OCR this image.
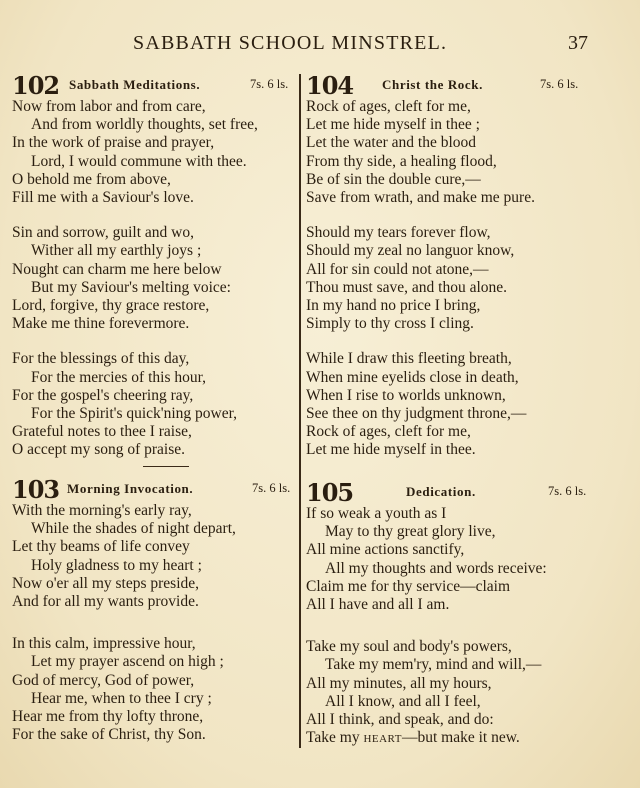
SABBATH SCHOOL MINSTREL.	37
102 Sabbath Meditations.	7s. 6 ls.
Now from labor and from care,
And from worldly thoughts, set free,
In the work of praise and prayer,
Lord, I would commune with thee.
O behold me from above,
Fill me with a Saviour's love.
Sin and sorrow, guilt and wo,
Wither all my earthly joys ;
Nought can charm me here below
But my Saviour's melting voice:
Lord, forgive, thy grace restore,
Make me thine forevermore.
For the blessings of this day,
For the mercies of this hour,
For the gospel's cheering ray,
For the Spirit's quick'ning power,
Grateful notes to thee I raise,
O accept my song of praise.
103 Morning Invocation.	7s. 6 ls.
With the morning's early ray,
While the shades of night depart,
Let thy beams of life convey
Holy gladness to my heart ;
Now o'er all my steps preside,
And for all my wants provide.
In this calm, impressive hour,
Let my prayer ascend on high ;
God of mercy, God of power,
Hear me, when to thee I cry ;
Hear me from thy lofty throne,
For the sake of Christ, thy Son.
104 Christ the Rock.	7s. 6 ls.
Rock of ages, cleft for me,
Let me hide myself in thee ;
Let the water and the blood
From thy side, a healing flood,
Be of sin the double cure,—
Save from wrath, and make me pure.
Should my tears forever flow,
Should my zeal no languor know,
All for sin could not atone,—
Thou must save, and thou alone.
In my hand no price I bring,
Simply to thy cross I cling.
While I draw this fleeting breath,
When mine eyelids close in death,
When I rise to worlds unknown,
See thee on thy judgment throne,—
Rock of ages, cleft for me,
Let me hide myself in thee.
105	Dedication.	7s. 6 ls.
If so weak a youth as I
May to thy great glory live,
All mine actions sanctify,
All my thoughts and words receive:
Claim me for thy service—claim
All I have and all I am.
Take my soul and body's powers,
Take my mem'ry, mind and will,—
All my minutes, all my hours,
All I know, and all I feel,
All I think, and speak, and do:
Take my heart—but make it new.
